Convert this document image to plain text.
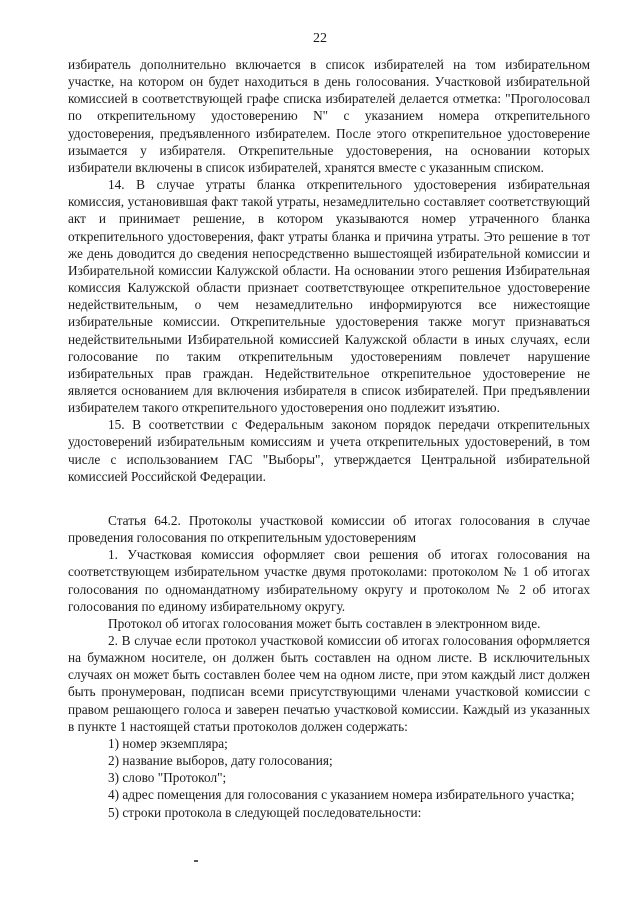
22

избиратель дополнительно включается в список избирателей на том избирательном участке, на котором он будет находиться в день голосования. Участковой избирательной комиссией в соответствующей графе списка избирателей делается отметка: "Проголосовал по открепительному удостоверению N" с указанием номера открепительного удостоверения, предъявленного избирателем. После этого открепительное удостоверение изымается у избирателя. Открепительные удостоверения, на основании которых избиратели включены в список избирателей, хранятся вместе с указанным списком.

14. В случае утраты бланка открепительного удостоверения избирательная комиссия, установившая факт такой утраты, незамедлительно составляет соответствующий акт и принимает решение, в котором указываются номер утраченного бланка открепительного удостоверения, факт утраты бланка и причина утраты. Это решение в тот же день доводится до сведения непосредственно вышестоящей избирательной комиссии и Избирательной комиссии Калужской области. На основании этого решения Избирательная комиссия Калужской области признает соответствующее открепительное удостоверение недействительным, о чем незамедлительно информируются все нижестоящие избирательные комиссии. Открепительные удостоверения также могут признаваться недействительными Избирательной комиссией Калужской области в иных случаях, если голосование по таким открепительным удостоверениям повлечет нарушение избирательных прав граждан. Недействительное открепительное удостоверение не является основанием для включения избирателя в список избирателей. При предъявлении избирателем такого открепительного удостоверения оно подлежит изъятию.

15. В соответствии с Федеральным законом порядок передачи открепительных удостоверений избирательным комиссиям и учета открепительных удостоверений, в том числе с использованием ГАС "Выборы", утверждается Центральной избирательной комиссией Российской Федерации.

Статья 64.2. Протоколы участковой комиссии об итогах голосования в случае проведения голосования по открепительным удостоверениям

1. Участковая комиссия оформляет свои решения об итогах голосования на соответствующем избирательном участке двумя протоколами: протоколом № 1 об итогах голосования по одномандатному избирательному округу и протоколом № 2 об итогах голосования по единому избирательному округу.

Протокол об итогах голосования может быть составлен в электронном виде.

2. В случае если протокол участковой комиссии об итогах голосования оформляется на бумажном носителе, он должен быть составлен на одном листе. В исключительных случаях он может быть составлен более чем на одном листе, при этом каждый лист должен быть пронумерован, подписан всеми присутствующими членами участковой комиссии с правом решающего голоса и заверен печатью участковой комиссии. Каждый из указанных в пункте 1 настоящей статьи протоколов должен содержать:

1) номер экземпляра;

2) название выборов, дату голосования;

3) слово "Протокол";

4) адрес помещения для голосования с указанием номера избирательного участка;

5) строки протокола в следующей последовательности:
